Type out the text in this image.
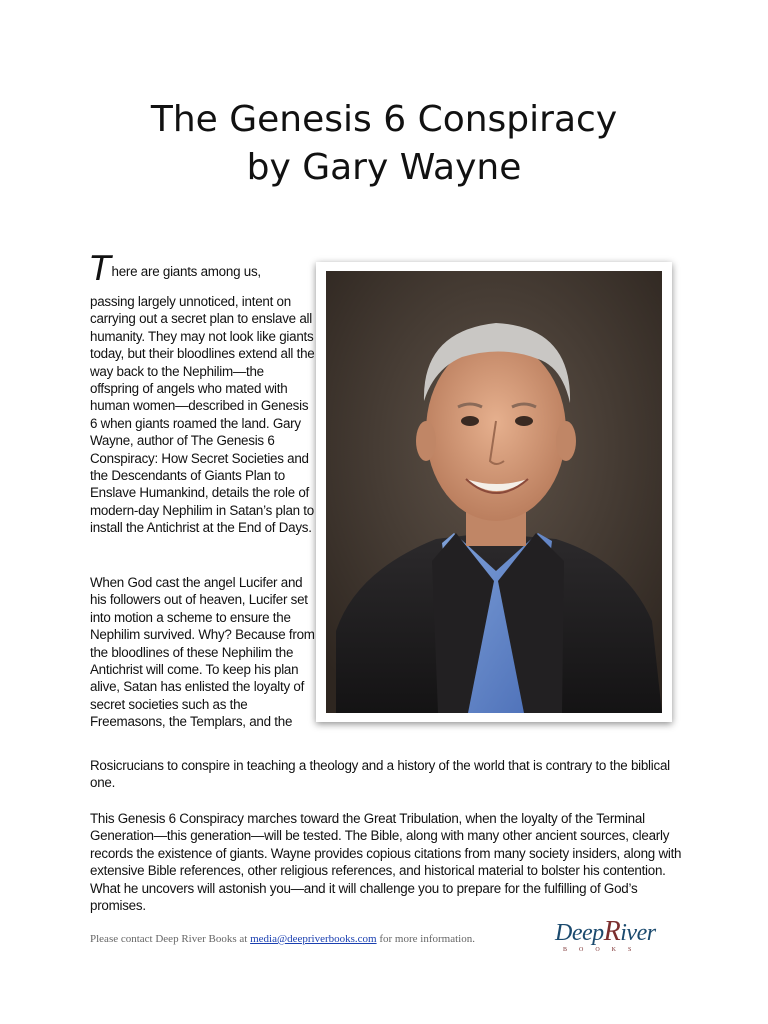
The Genesis 6 Conspiracy
by Gary Wayne

There are giants among us,

passing largely unnoticed, intent on carrying out a secret plan to enslave all humanity. They may not look like giants today, but their bloodlines extend all the way back to the Nephilim—the offspring of angels who mated with human women—described in Genesis 6 when giants roamed the land. Gary Wayne, author of The Genesis 6 Conspiracy: How Secret Societies and the Descendants of Giants Plan to Enslave Humankind, details the role of modern-day Nephilim in Satan’s plan to install the Antichrist at the End of Days.

When God cast the angel Lucifer and his followers out of heaven, Lucifer set into motion a scheme to ensure the Nephilim survived. Why? Because from the bloodlines of these Nephilim the Antichrist will come. To keep his plan alive, Satan has enlisted the loyalty of secret societies such as the Freemasons, the Templars, and the

Rosicrucians to conspire in teaching a theology and a history of the world that is contrary to the biblical one.

This Genesis 6 Conspiracy marches toward the Great Tribulation, when the loyalty of the Terminal Generation—this generation—will be tested. The Bible, along with many other ancient sources, clearly records the existence of giants. Wayne provides copious citations from many society insiders, along with extensive Bible references, other religious references, and historical material to bolster his contention. What he uncovers will astonish you—and it will challenge you to prepare for the fulfilling of God’s promises.

Please contact Deep River Books at media@deepriverbooks.com for more information.	DeepRiver
BOOKS
